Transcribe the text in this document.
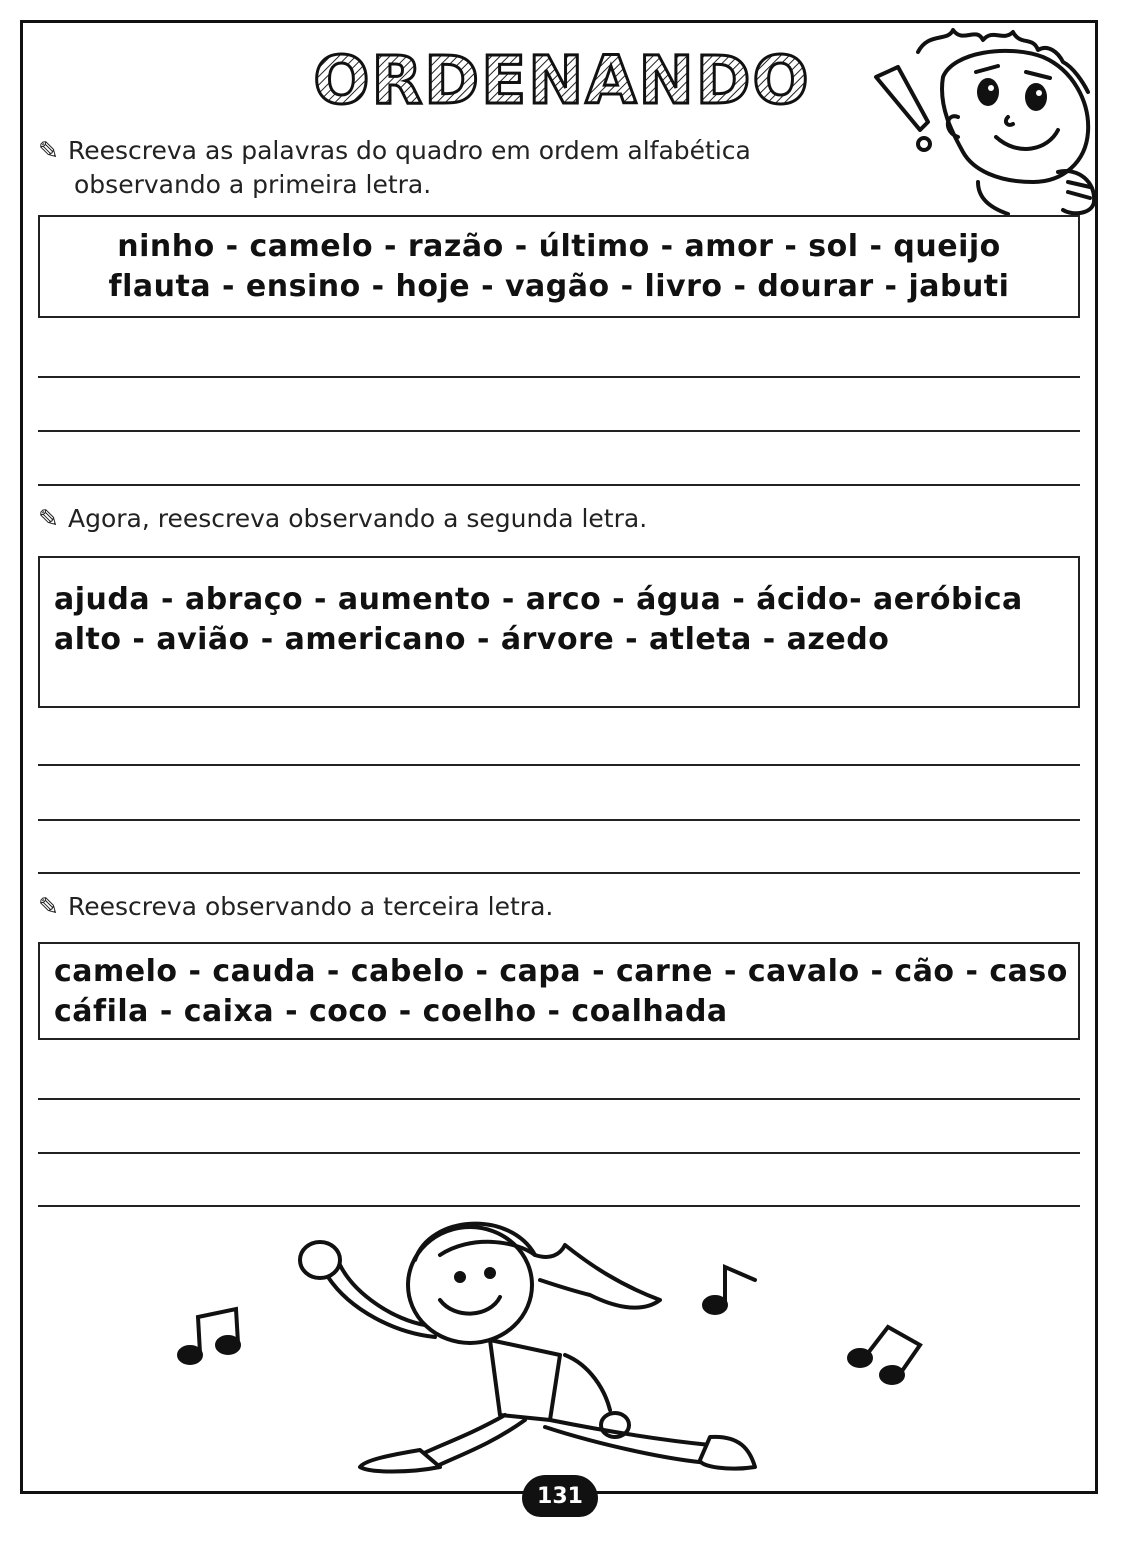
ORDENANDO
✎ Reescreva as palavras do quadro em ordem alfabética
observando a primeira letra.
ninho - camelo - razão - último - amor - sol - queijo
flauta - ensino - hoje - vagão - livro - dourar - jabuti
✎ Agora, reescreva observando a segunda letra.
ajuda - abraço - aumento - arco - água - ácido- aeróbica
alto - avião - americano - árvore - atleta - azedo
✎ Reescreva observando a terceira letra.
camelo - cauda - cabelo - capa - carne - cavalo - cão - caso
cáfila - caixa - coco - coelho - coalhada
131
